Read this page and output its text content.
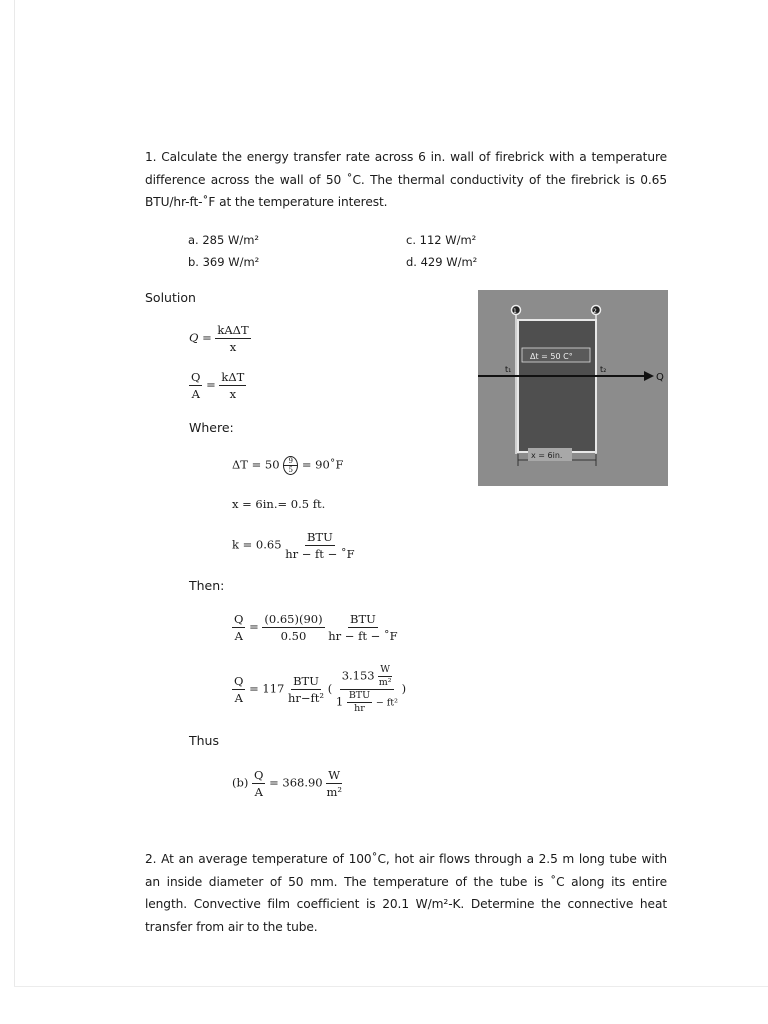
1. Calculate the energy transfer rate across 6 in. wall of firebrick with a temperature difference across the wall of 50 ˚C. The thermal conductivity of the firebrick is 0.65 BTU/hr-ft-˚F at the temperature interest.
a. 285 W/m²
b. 369 W/m²
c. 112 W/m²
d. 429 W/m²
Solution
Q =
kAΔT
x
$\frac{Q}{A}$ =
kΔT
x
Where:
$\Delta T = 50 \frac{9}{5}$ = 90˚F
x = 6in.= 0.5 ft.
k = 0.65
BTU
hr − ft − ˚F
Then:
$\frac{Q}{A} = \frac{(0.65)(90)}{0.50}$
BTU
hr − ft − ˚F
$\frac{Q}{A} = 117$
BTU
hr−ft²
(
$3.153 \frac{W}{\text{m²}}$
1 BTU
hr − ft²
)
Thus
$(b) \frac{Q}{A} = 368.90 \frac{W}{\text{m²}}$
1	2
Q
t₁	t₂
Δt = 50 C°
x = 6in.
2. At an average temperature of 100˚C, hot air flows through a 2.5 m long tube with an inside diameter of 50 mm. The temperature of the tube is ˚C along its entire length. Convective film coefficient is 20.1 W/m²-K. Determine the connective heat transfer from air to the tube.
